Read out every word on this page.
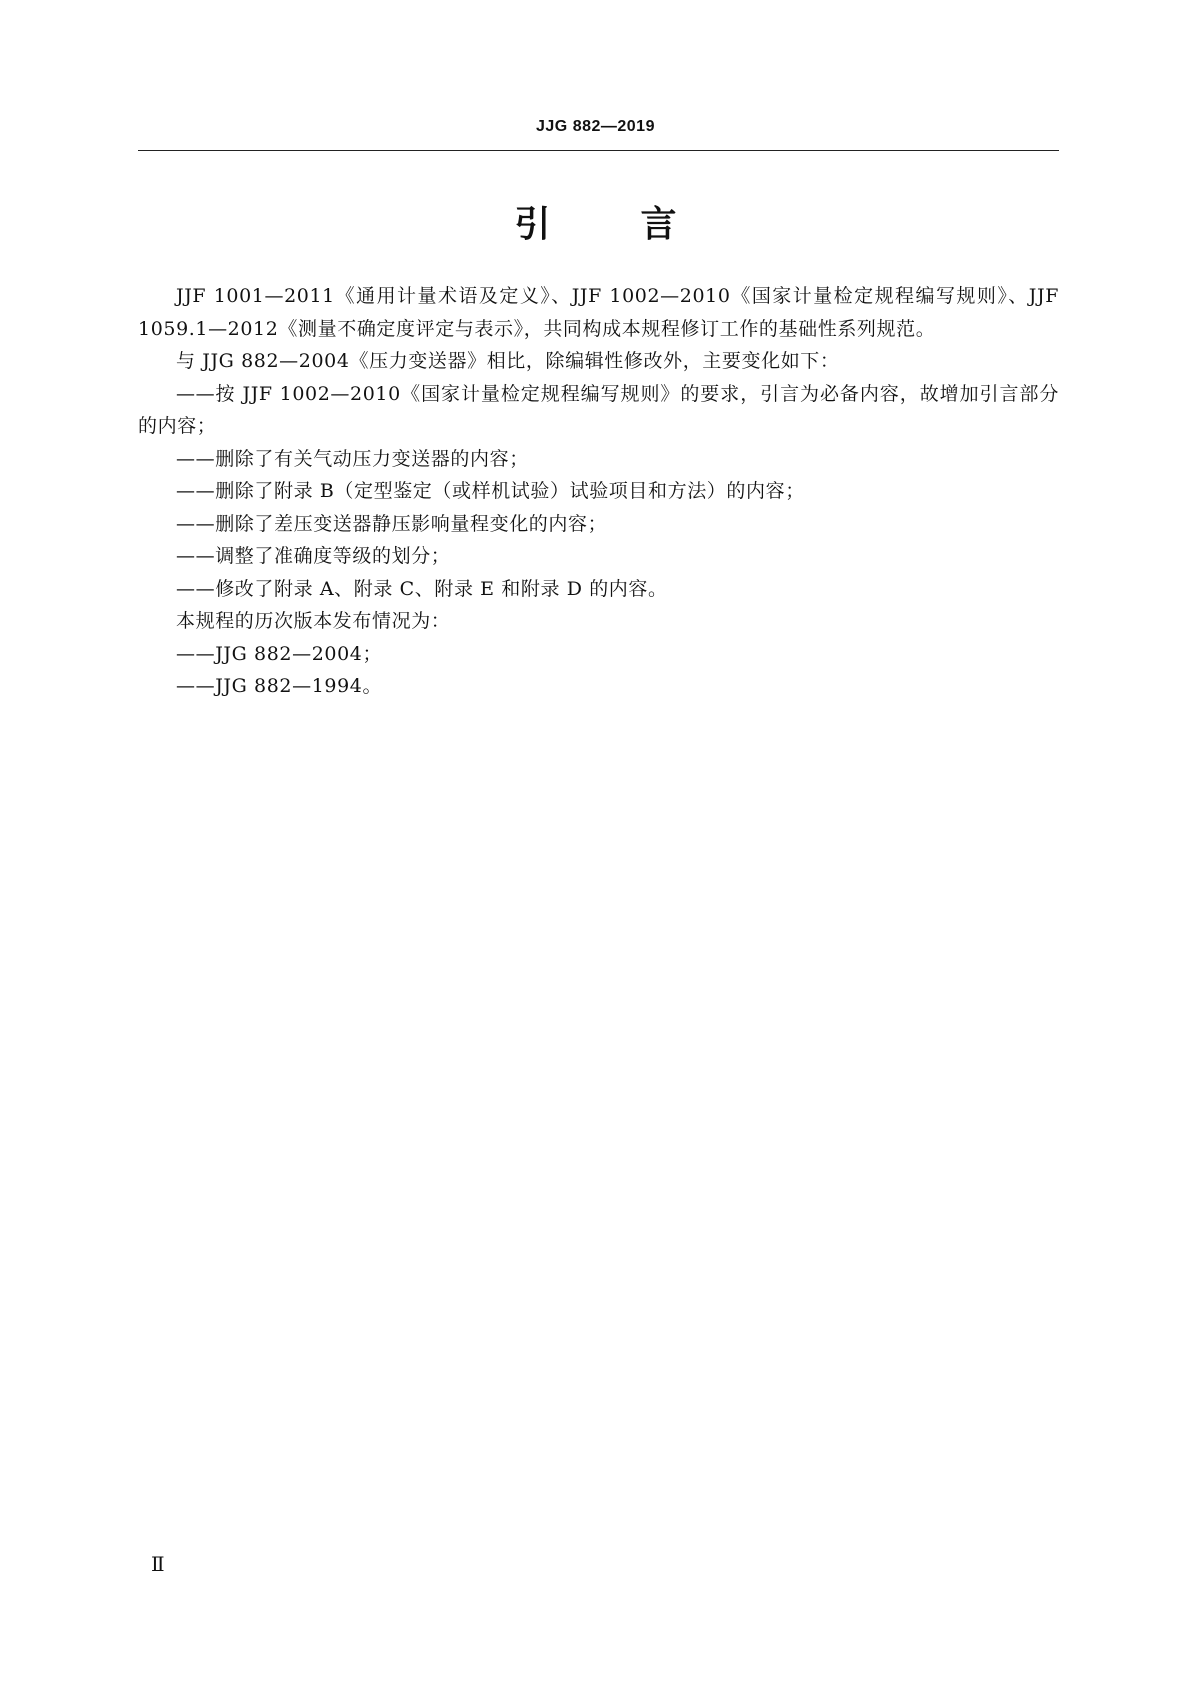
JJG 882—2019
引	言

JJF 1001—2011《通用计量术语及定义》、JJF 1002—2010《国家计量检定规程编写规则》、JJF 1059.1—2012《测量不确定度评定与表示》，共同构成本规程修订工作的基础性系列规范。

与 JJG 882—2004《压力变送器》相比，除编辑性修改外，主要变化如下：

——按 JJF 1002—2010《国家计量检定规程编写规则》的要求，引言为必备内容，故增加引言部分的内容；

——删除了有关气动压力变送器的内容；

——删除了附录 B（定型鉴定（或样机试验）试验项目和方法）的内容；

——删除了差压变送器静压影响量程变化的内容；

——调整了准确度等级的划分；

——修改了附录 A、附录 C、附录 E 和附录 D 的内容。

本规程的历次版本发布情况为：

——JJG 882—2004；

——JJG 882—1994。

Ⅱ
